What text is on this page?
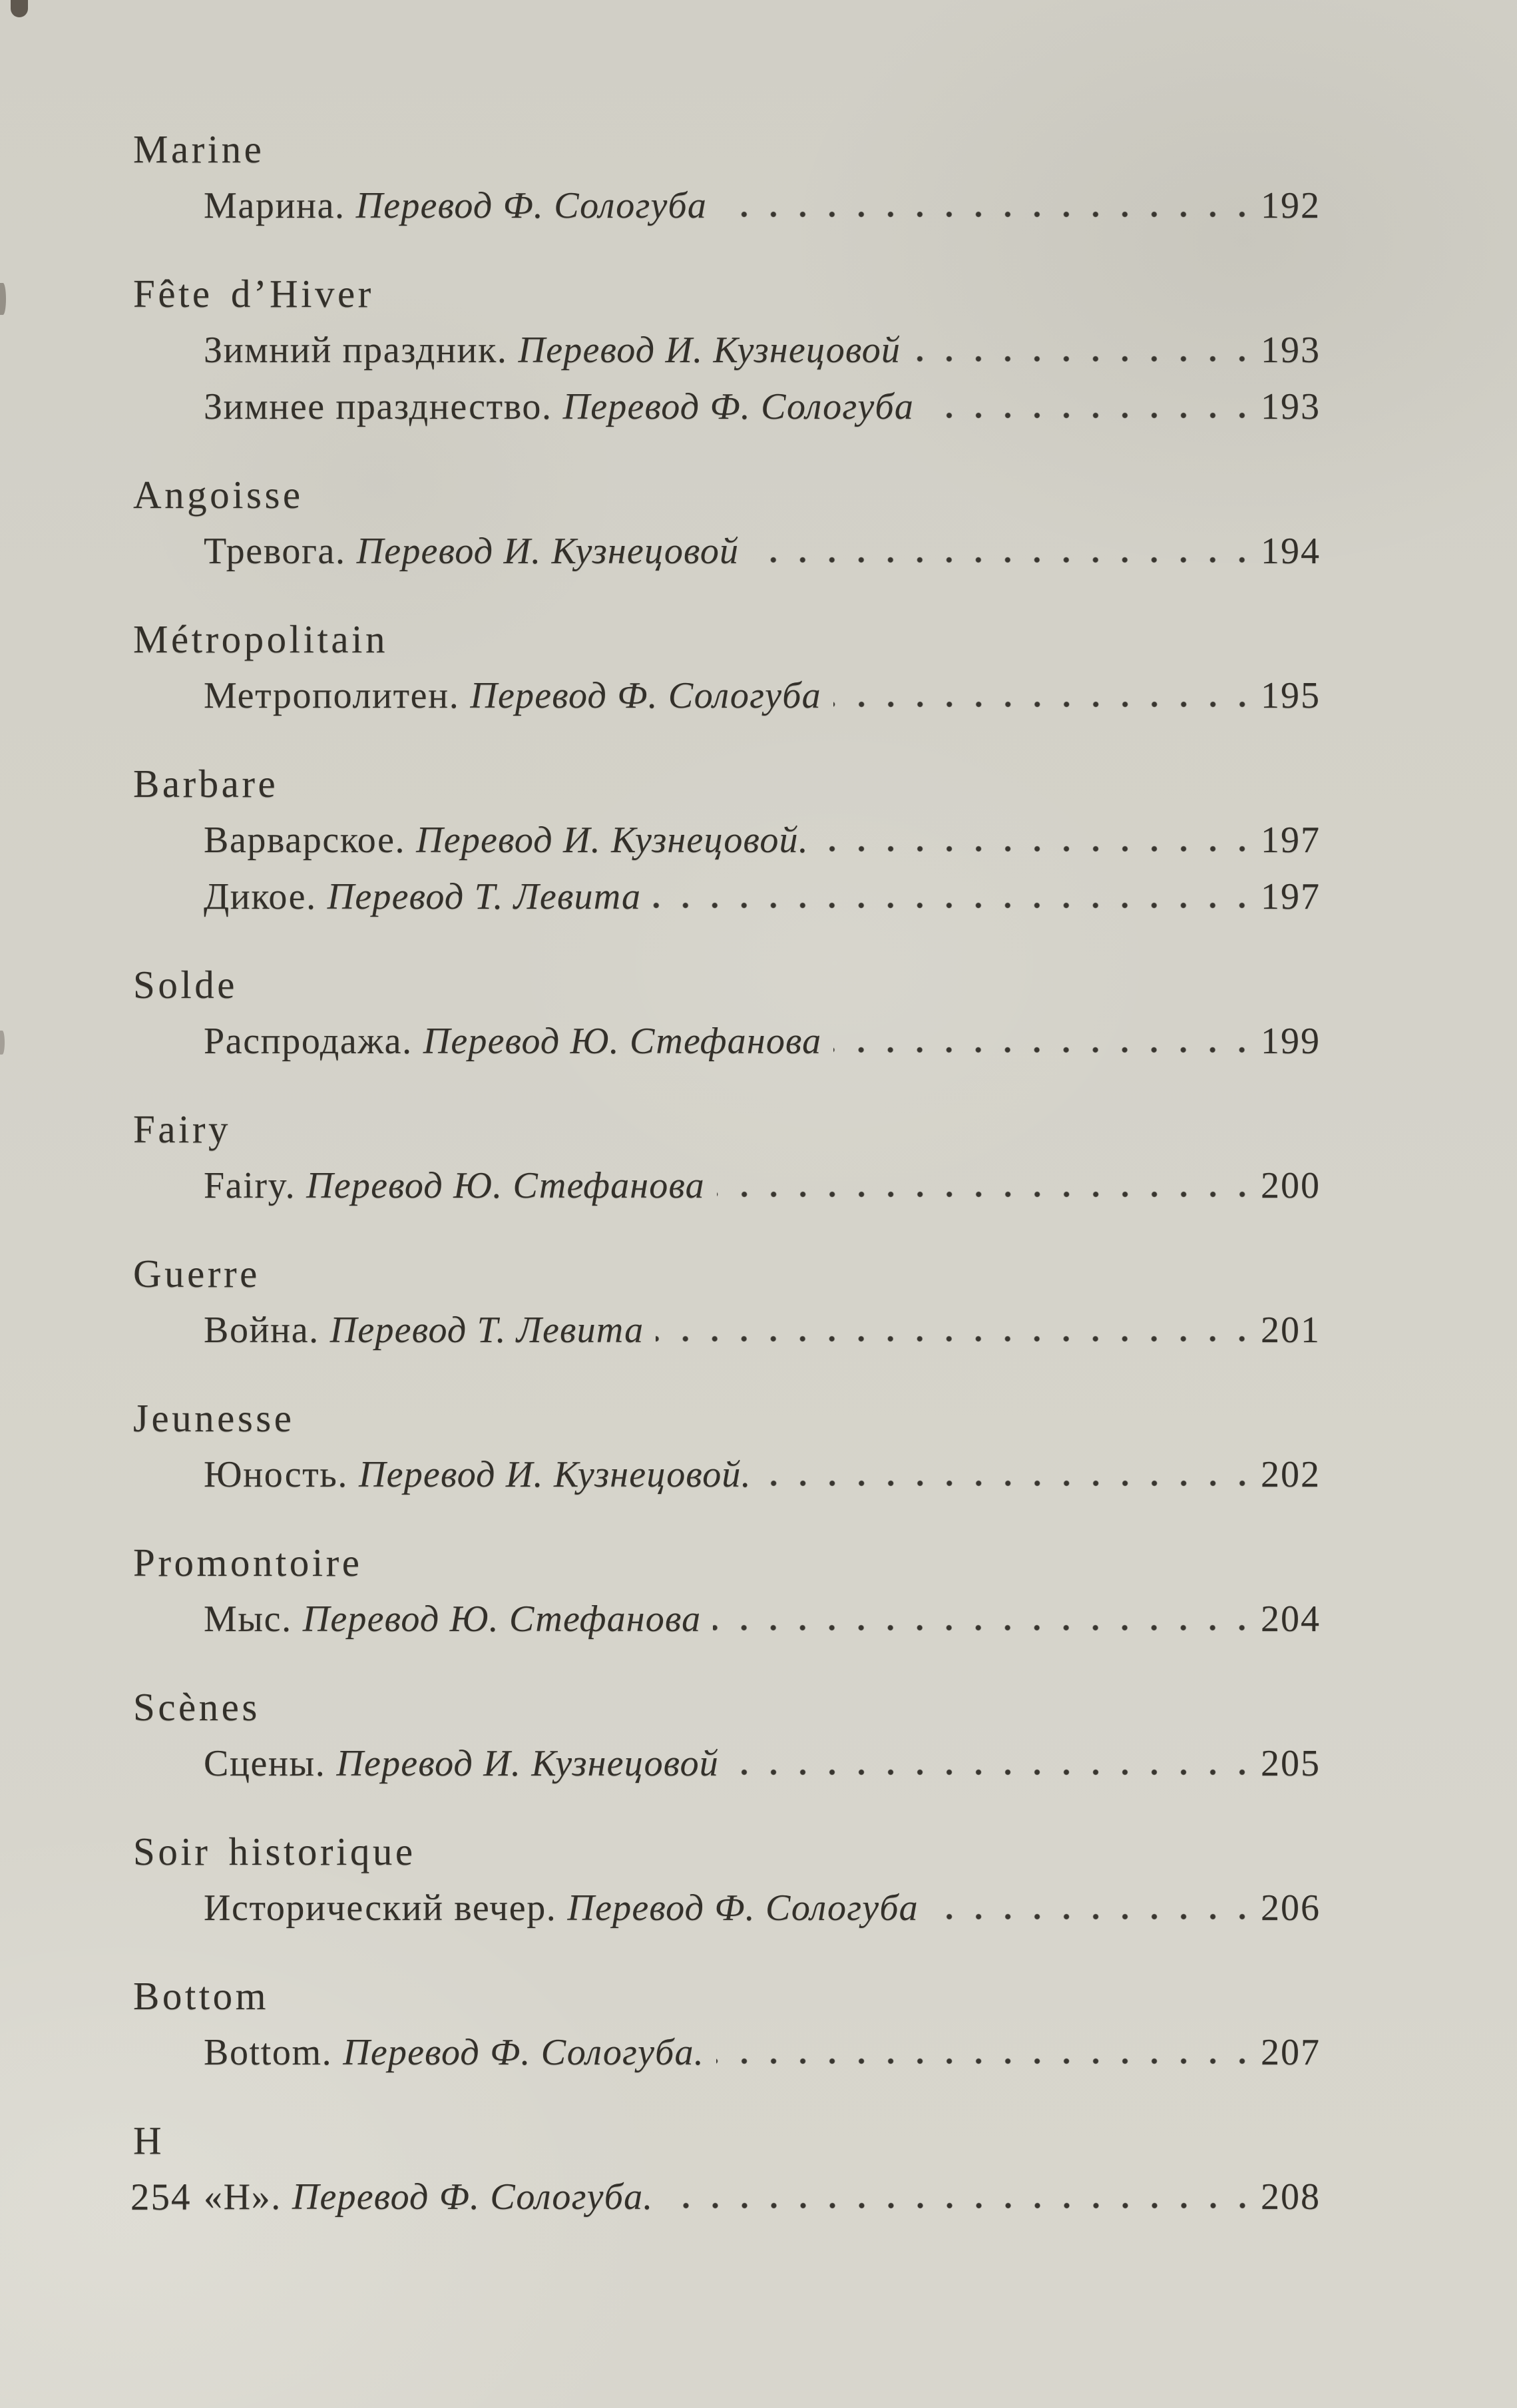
Marine
Марина. Перевод Ф. Сологуба	192
Fête d’Hiver
Зимний праздник. Перевод И. Кузнецовой	193
Зимнее празднество. Перевод Ф. Сологуба	193
Angoisse
Тревога. Перевод И. Кузнецовой	194
Métropolitain
Метрополитен. Перевод Ф. Сологуба	195
Barbare
Варварское. Перевод И. Кузнецовой.	197
Дикое. Перевод Т. Левита	197
Solde
Распродажа. Перевод Ю. Стефанова	199
Fairy
Fairy. Перевод Ю. Стефанова	200
Guerre
Война. Перевод Т. Левита	201
Jeunesse
Юность. Перевод И. Кузнецовой.	202
Promontoire
Мыс. Перевод Ю. Стефанова	204
Scènes
Сцены. Перевод И. Кузнецовой	205
Soir historique
Исторический вечер. Перевод Ф. Сологуба	206
Bottom
Bottom. Перевод Ф. Сологуба.	207
H
«Н». Перевод Ф. Сологуба.	208
254
